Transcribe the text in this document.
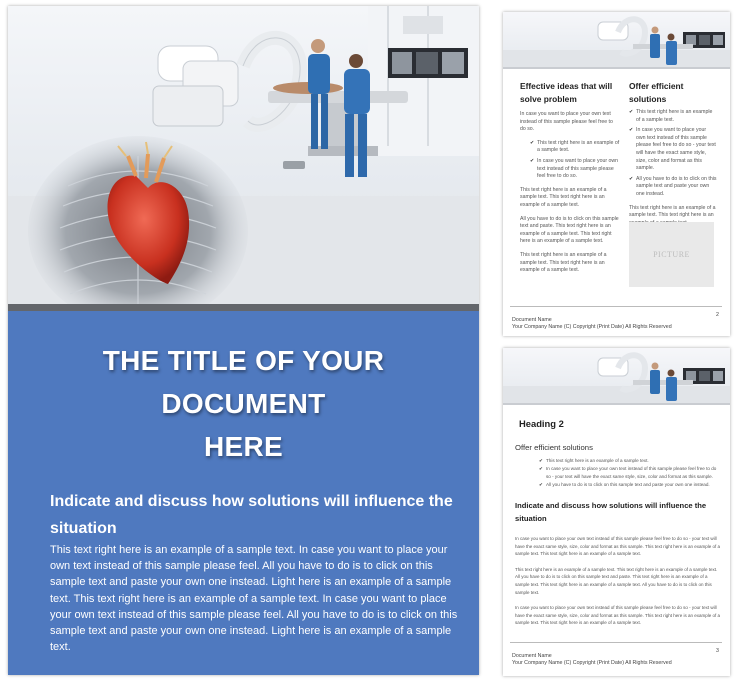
THE TITLE OF YOUR
DOCUMENT
HERE
Indicate and discuss how solutions will influence the situation
This text right here is an example of a sample text. In case you want to place your own text instead of this sample please feel. All you have to do is to click on this sample text and paste your own one instead. Light here is an example of a sample text. This text right here is an example of a sample text. In case you want to place your own text instead of this sample please feel. All you have to do is to click on this sample text and paste your own one instead. Light here is an example of a sample text.
Effective ideas that will solve problem
In case you want to place your own text instead of this sample please feel free to do so.
✔ This text right here is an example of a sample text.
✔ In case you want to place your own text instead of this sample please feel free to do so.
This text right here is an example of a sample text. This text right here is an example of a sample text.
All you have to do is to click on this sample text and paste. This text right here is an example of a sample text. This text right here is an example of a sample text.
This text right here is an example of a sample text. This text right here is an example of a sample text.
Offer efficient solutions
✔ This text right here is an example of a sample text.
✔ In case you want to place your own text instead of this sample please feel free to do so - your text will have the exact same style, size, color and format as this sample.
✔ All you have to do is to click on this sample text and paste your own one instead.
This text right here is an example of a sample text. This text right here is an
PICTURE
2
Document Name
Your Company Name (C) Copyright (Print Date) All Rights Reserved
Heading 2
Offer efficient solutions
✔ This text right here is an example of a sample text.
✔ In case you want to place your own text instead of this sample please feel free to do so - your text will have the exact same style, size, color and format as this sample.
✔ All you have to do is to click on this sample text and paste your own one instead.
Indicate and discuss how solutions will influence the situation

In case you want to place your own text instead of this sample please feel free to do so - your text will have the exact same style, size, color and format as this sample. This text right here is an example of a sample text. This text right here is an example of a sample text.

This text right here is an example of a sample text. This text right here is an example of a sample text. All you have to do is to click on this sample text and paste. This text right here is an example of a sample text. This text right here is an example of a sample text. All you have to do is to click on this sample text.

In case you want to place your own text instead of this sample please feel free to do so - your text will have the exact same style, size, color and format as this sample. This text right here is an example of a sample text. This text right here is an example of a sample text.

3
Document Name
Your Company Name (C) Copyright (Print Date) All Rights Reserved
